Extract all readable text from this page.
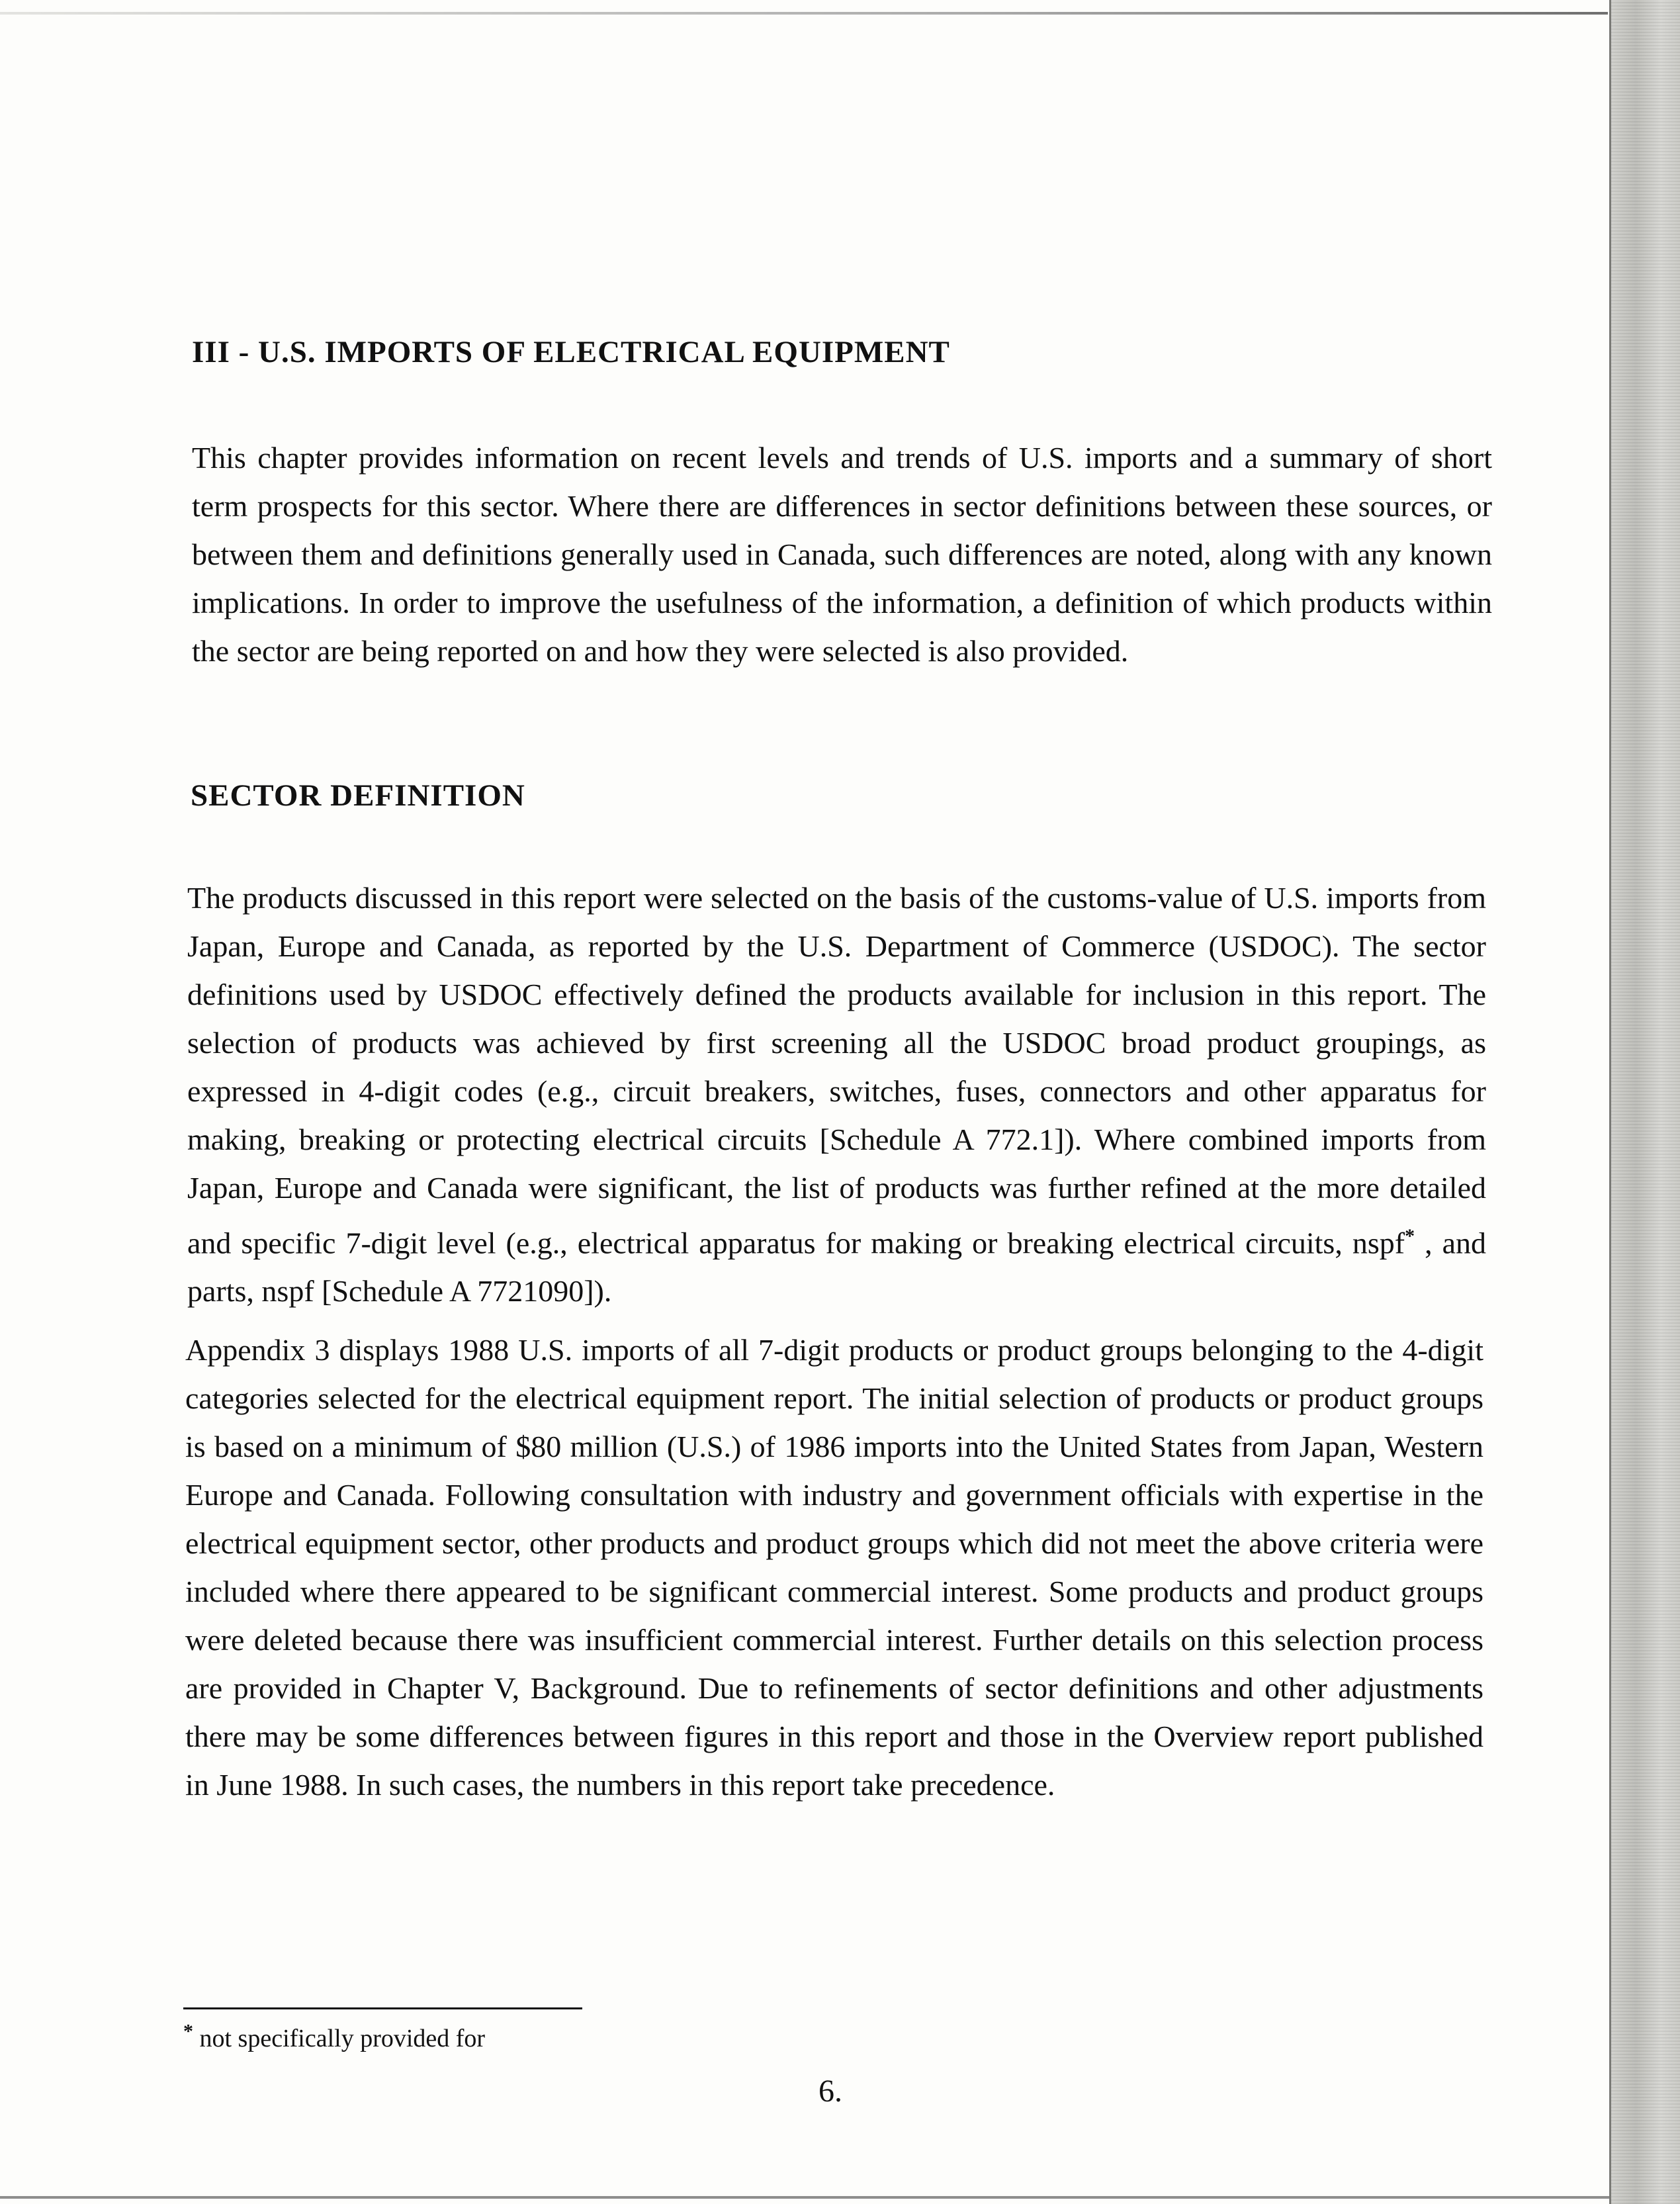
III - U.S. IMPORTS OF ELECTRICAL EQUIPMENT

This chapter provides information on recent levels and trends of U.S. imports and a summary of short term prospects for this sector. Where there are differences in sector definitions between these sources, or between them and definitions generally used in Canada, such differences are noted, along with any known implications. In order to improve the usefulness of the information, a definition of which products within the sector are being reported on and how they were selected is also provided.

SECTOR DEFINITION

The products discussed in this report were selected on the basis of the customs-value of U.S. imports from Japan, Europe and Canada, as reported by the U.S. Department of Commerce (USDOC). The sector definitions used by USDOC effectively defined the products available for inclusion in this report. The selection of products was achieved by first screening all the USDOC broad product groupings, as expressed in 4-digit codes (e.g., circuit breakers, switches, fuses, connectors and other apparatus for making, breaking or protecting electrical circuits [Schedule A 772.1]). Where combined imports from Japan, Europe and Canada were significant, the list of products was further refined at the more detailed and specific 7-digit level (e.g., electrical apparatus for making or breaking electrical circuits, nspf* , and parts, nspf [Schedule A 7721090]).

Appendix 3 displays 1988 U.S. imports of all 7-digit products or product groups belonging to the 4-digit categories selected for the electrical equipment report. The initial selection of products or product groups is based on a minimum of $80 million (U.S.) of 1986 imports into the United States from Japan, Western Europe and Canada. Following consultation with industry and government officials with expertise in the electrical equipment sector, other products and product groups which did not meet the above criteria were included where there appeared to be significant commercial interest. Some products and product groups were deleted because there was insufficient commercial interest. Further details on this selection process are provided in Chapter V, Background. Due to refinements of sector definitions and other adjustments there may be some differences between figures in this report and those in the Overview report published in June 1988. In such cases, the numbers in this report take precedence.

* not specifically provided for

6.
